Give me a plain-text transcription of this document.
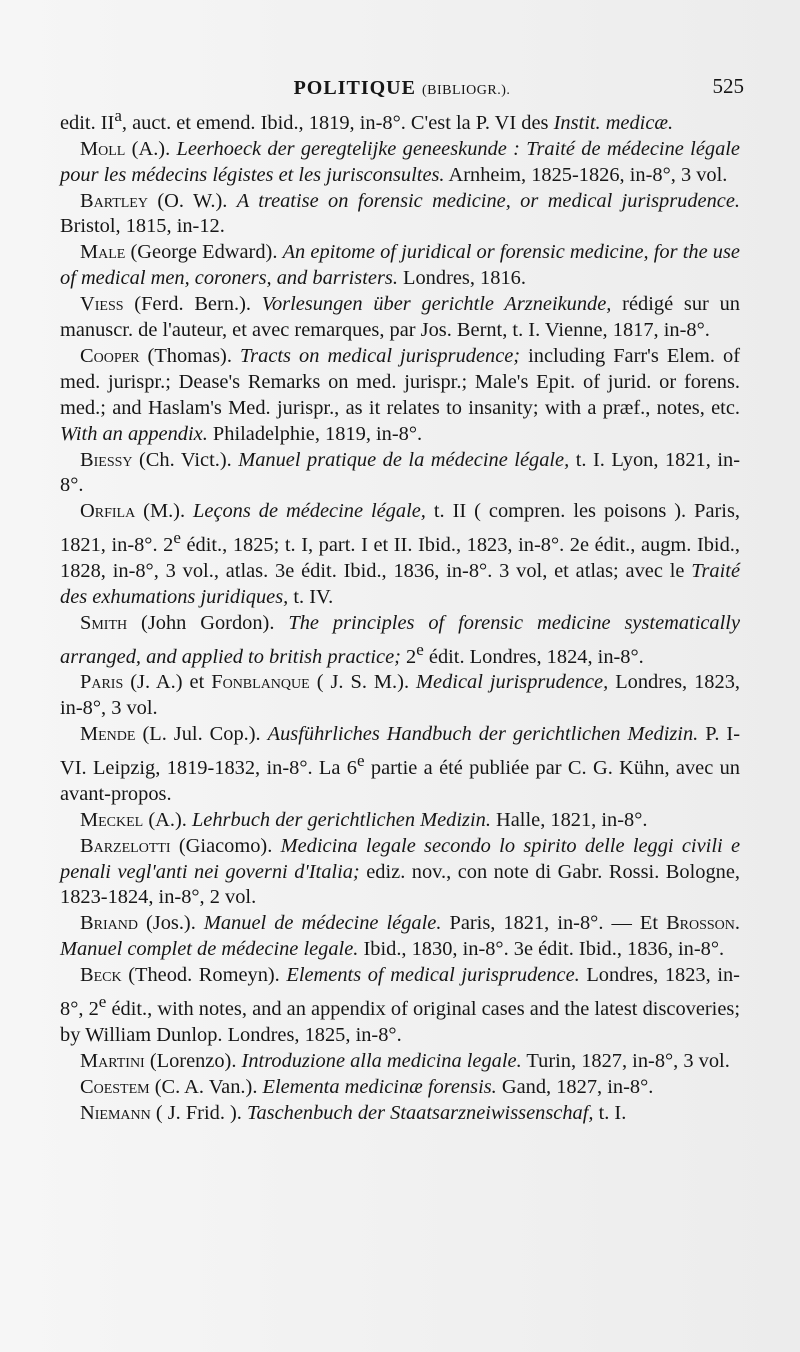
POLITIQUE (BIBLIOGR.).	525

edit. $II^a$, auct. et emend. Ibid., 1819, in-8°. C'est la P. VI des Instit. medicæ.

Moll (A.). Leerhoeck der geregtelijke geneeskunde : Traité de médecine légale pour les médecins légistes et les jurisconsultes. Arnheim, 1825-1826, in-8°, 3 vol.

Bartley (O. W.). A treatise on forensic medicine, or medical jurisprudence. Bristol, 1815, in-12.

Male (George Edward). An epitome of juridical or forensic medicine, for the use of medical men, coroners, and barristers. Londres, 1816.

Viess (Ferd. Bern.). Vorlesungen über gerichtle Arzneikunde, rédigé sur un manuscr. de l'auteur, et avec remarques, par Jos. Bernt, t. I. Vienne, 1817, in-8°.

Cooper (Thomas). Tracts on medical jurisprudence; including Farr's Elem. of med. jurispr.; Dease's Remarks on med. jurispr.; Male's Epit. of jurid. or forens. med.; and Haslam's Med. jurispr., as it relates to insanity; with a præf., notes, etc. With an appendix. Philadelphie, 1819, in-8°.

Biessy (Ch. Vict.). Manuel pratique de la médecine légale, t. I. Lyon, 1821, in-8°.

Orfila (M.). Leçons de médecine légale, t. II ( compren. les poisons ). Paris, 1821, in-8°. 2e édit., 1825; t. I, part. I et II. Ibid., 1823, in-8°. 2e édit., augm. Ibid., 1828, in-8°, 3 vol., atlas. 3e édit. Ibid., 1836, in-8°. 3 vol, et atlas; avec le Traité des exhumations juridiques, t. IV.

Smith (John Gordon). The principles of forensic medicine systematically arranged, and applied to british practice; 2e édit. Londres, 1824, in-8°.

Paris (J. A.) et Fonblanque ( J. S. M.). Medical jurisprudence, Londres, 1823, in-8°, 3 vol.

Mende (L. Jul. Cop.). Ausführliches Handbuch der gerichtlichen Medizin. P. I-VI. Leipzig, 1819-1832, in-8°. La 6e partie a été publiée par C. G. Kühn, avec un avant-propos.

Meckel (A.). Lehrbuch der gerichtlichen Medizin. Halle, 1821, in-8°.

Barzelotti (Giacomo). Medicina legale secondo lo spirito delle leggi civili e penali vegl'anti nei governi d'Italia; ediz. nov., con note di Gabr. Rossi. Bologne, 1823-1824, in-8°, 2 vol.

Briand (Jos.). Manuel de médecine légale. Paris, 1821, in-8°. — Et Brosson. Manuel complet de médecine legale. Ibid., 1830, in-8°. 3e édit. Ibid., 1836, in-8°.

Beck (Theod. Romeyn). Elements of medical jurisprudence. Londres, 1823, in-8°, 2e édit., with notes, and an appendix of original cases and the latest discoveries; by William Dunlop. Londres, 1825, in-8°.

Martini (Lorenzo). Introduzione alla medicina legale. Turin, 1827, in-8°, 3 vol.

Coestem (C. A. Van.). Elementa medicinæ forensis. Gand, 1827, in-8°.

Niemann ( J. Frid. ). Taschenbuch der Staatsarzneiwissenschaf, t. I.
